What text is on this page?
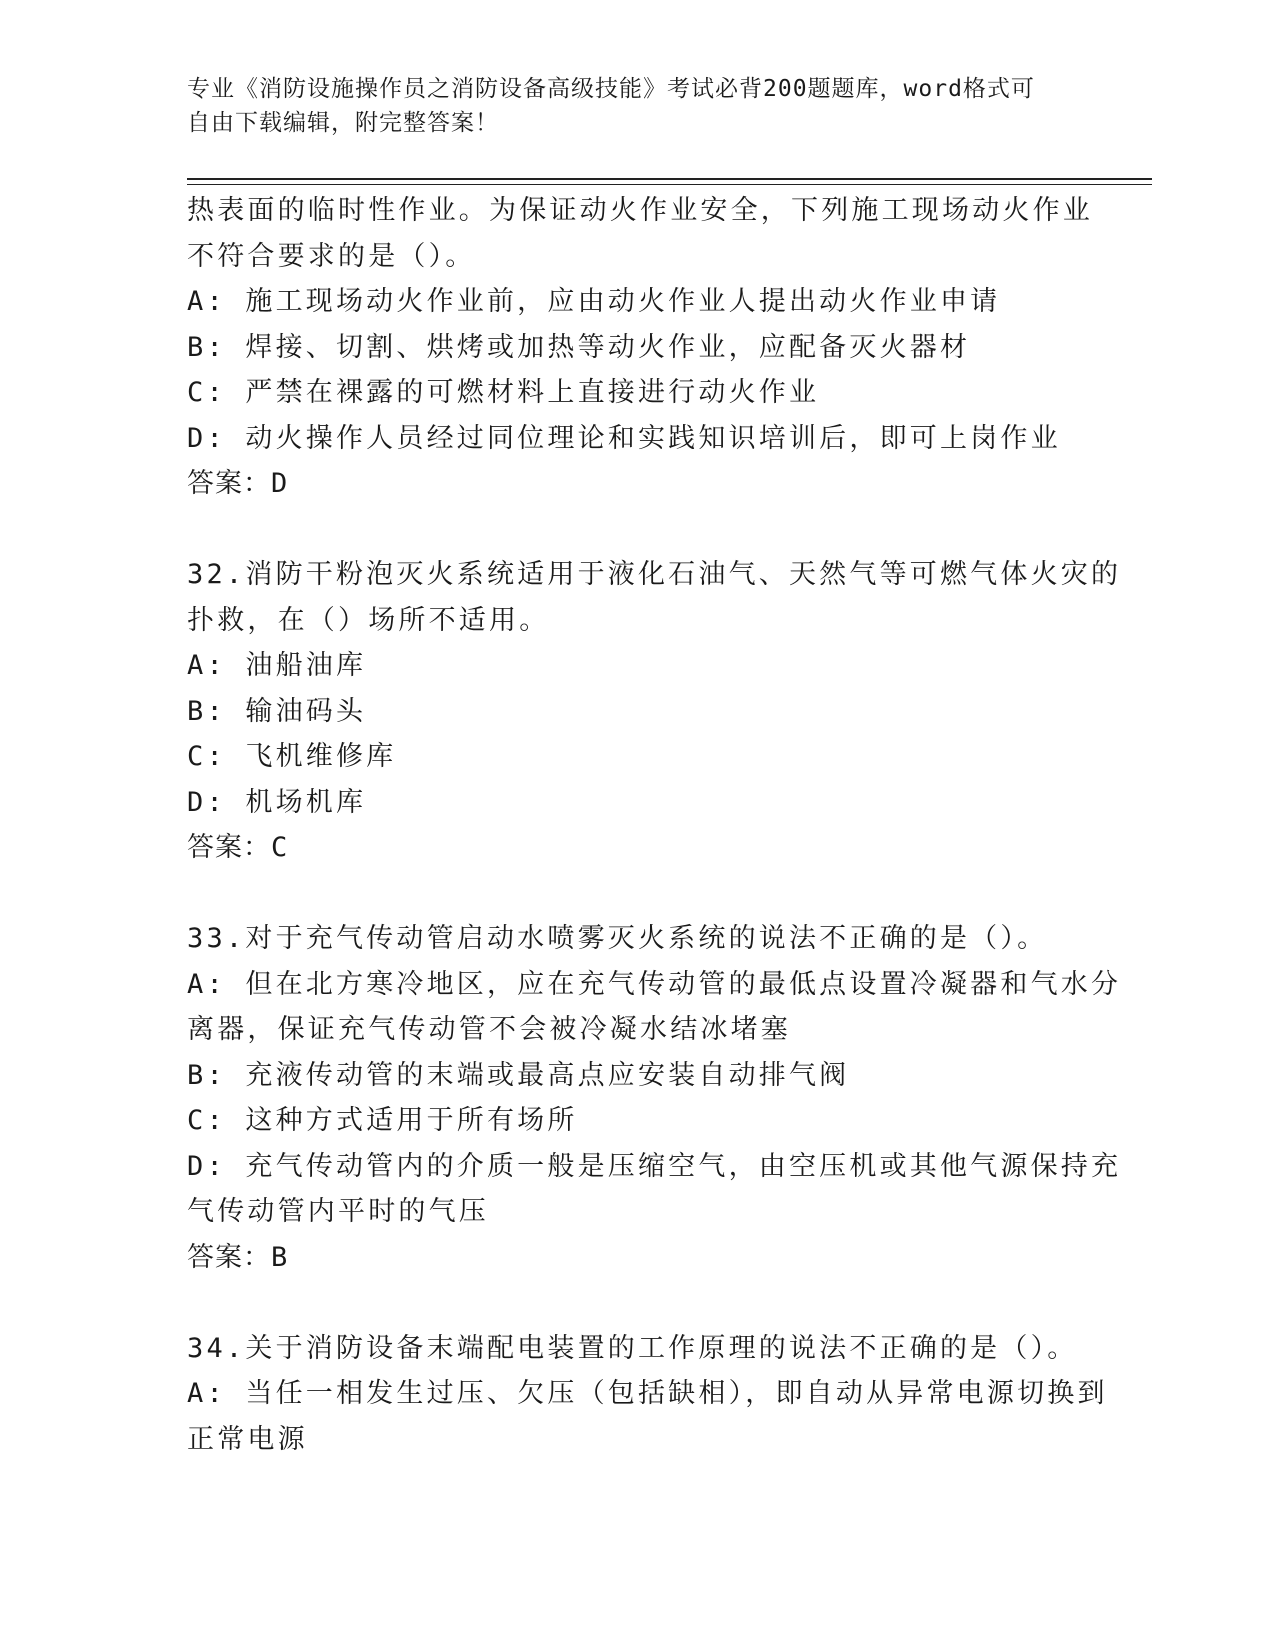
专业《消防设施操作员之消防设备高级技能》考试必背200题题库，word格式可
自由下载编辑，附完整答案！
热表面的临时性作业。为保证动火作业安全，下列施工现场动火作业
不符合要求的是（）。
A: 施工现场动火作业前，应由动火作业人提出动火作业申请
B: 焊接、切割、烘烤或加热等动火作业，应配备灭火器材
C: 严禁在裸露的可燃材料上直接进行动火作业
D: 动火操作人员经过同位理论和实践知识培训后，即可上岗作业
答案：D
32.消防干粉泡灭火系统适用于液化石油气、天然气等可燃气体火灾的
扑救，在（）场所不适用。
A: 油船油库
B: 输油码头
C: 飞机维修库
D: 机场机库
答案：C
33.对于充气传动管启动水喷雾灭火系统的说法不正确的是（）。
A: 但在北方寒冷地区，应在充气传动管的最低点设置冷凝器和气水分
离器，保证充气传动管不会被冷凝水结冰堵塞
B: 充液传动管的末端或最高点应安装自动排气阀
C: 这种方式适用于所有场所
D: 充气传动管内的介质一般是压缩空气，由空压机或其他气源保持充
气传动管内平时的气压
答案：B
34.关于消防设备末端配电装置的工作原理的说法不正确的是（）。
A: 当任一相发生过压、欠压（包括缺相），即自动从异常电源切换到
正常电源
